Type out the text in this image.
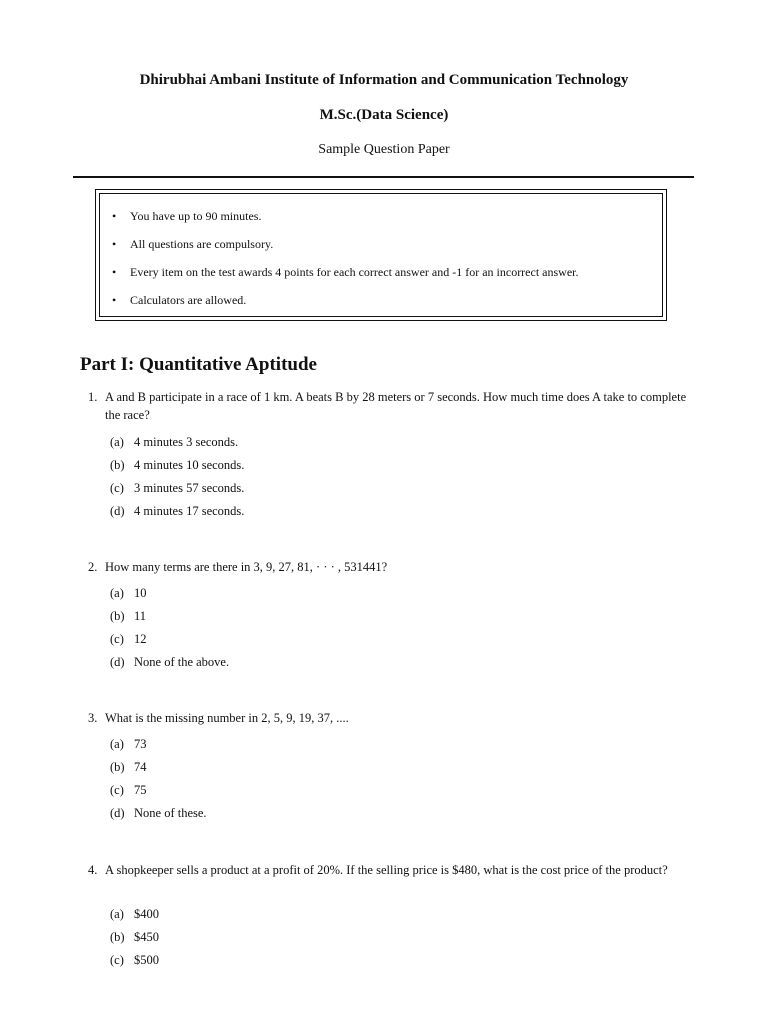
Dhirubhai Ambani Institute of Information and Communication Technology
M.Sc.(Data Science)
Sample Question Paper
• You have up to 90 minutes.
• All questions are compulsory.
• Every item on the test awards 4 points for each correct answer and -1 for an incorrect answer.
• Calculators are allowed.
Part I: Quantitative Aptitude
1. A and B participate in a race of 1 km. A beats B by 28 meters or 7 seconds. How much time does A take to complete the race?
(a) 4 minutes 3 seconds.
(b) 4 minutes 10 seconds.
(c) 3 minutes 57 seconds.
(d) 4 minutes 17 seconds.
2. How many terms are there in 3, 9, 27, 81, · · · , 531441?
(a) 10
(b) 11
(c) 12
(d) None of the above.
3. What is the missing number in 2, 5, 9, 19, 37, ....
(a) 73
(b) 74
(c) 75
(d) None of these.
4. A shopkeeper sells a product at a profit of 20%. If the selling price is $480, what is the cost price of the product?
(a) $400
(b) $450
(c) $500
